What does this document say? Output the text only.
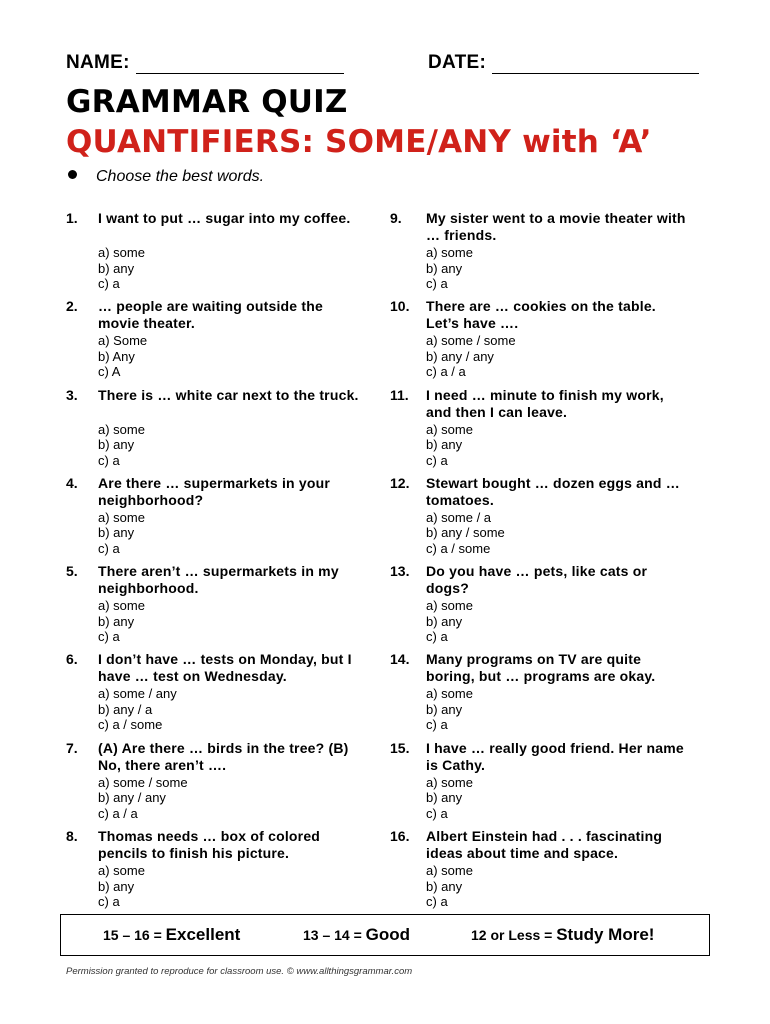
NAME:	DATE:
GRAMMAR QUIZ
QUANTIFIERS: SOME/ANY with ‘A’
Choose the best words.
1. I want to put … sugar into my coffee.
a) some
b) any
c) a
2. … people are waiting outside the movie theater.
a) Some
b) Any
c) A
3. There is … white car next to the truck.
a) some
b) any
c) a
4. Are there … supermarkets in your neighborhood?
a) some
b) any
c) a
5. There aren’t … supermarkets in my neighborhood.
a) some
b) any
c) a
6. I don’t have … tests on Monday, but I have … test on Wednesday.
a) some / any
b) any / a
c) a / some
7. (A) Are there … birds in the tree? (B) No, there aren’t ….
a) some / some
b) any / any
c) a / a
8. Thomas needs … box of colored pencils to finish his picture.
a) some
b) any
c) a
9. My sister went to a movie theater with … friends.
a) some
b) any
c) a
10. There are … cookies on the table. Let’s have ….
a) some / some
b) any / any
c) a / a
11. I need … minute to finish my work, and then I can leave.
a) some
b) any
c) a
12. Stewart bought … dozen eggs and … tomatoes.
a) some / a
b) any / some
c) a / some
13. Do you have … pets, like cats or dogs?
a) some
b) any
c) a
14. Many programs on TV are quite boring, but … programs are okay.
a) some
b) any
c) a
15. I have … really good friend. Her name is Cathy.
a) some
b) any
c) a
16. Albert Einstein had . . . fascinating ideas about time and space.
a) some
b) any
c) a
15 – 16 = Excellent	13 – 14 = Good	12 or Less = Study More!
Permission granted to reproduce for classroom use. © www.allthingsgrammar.com
